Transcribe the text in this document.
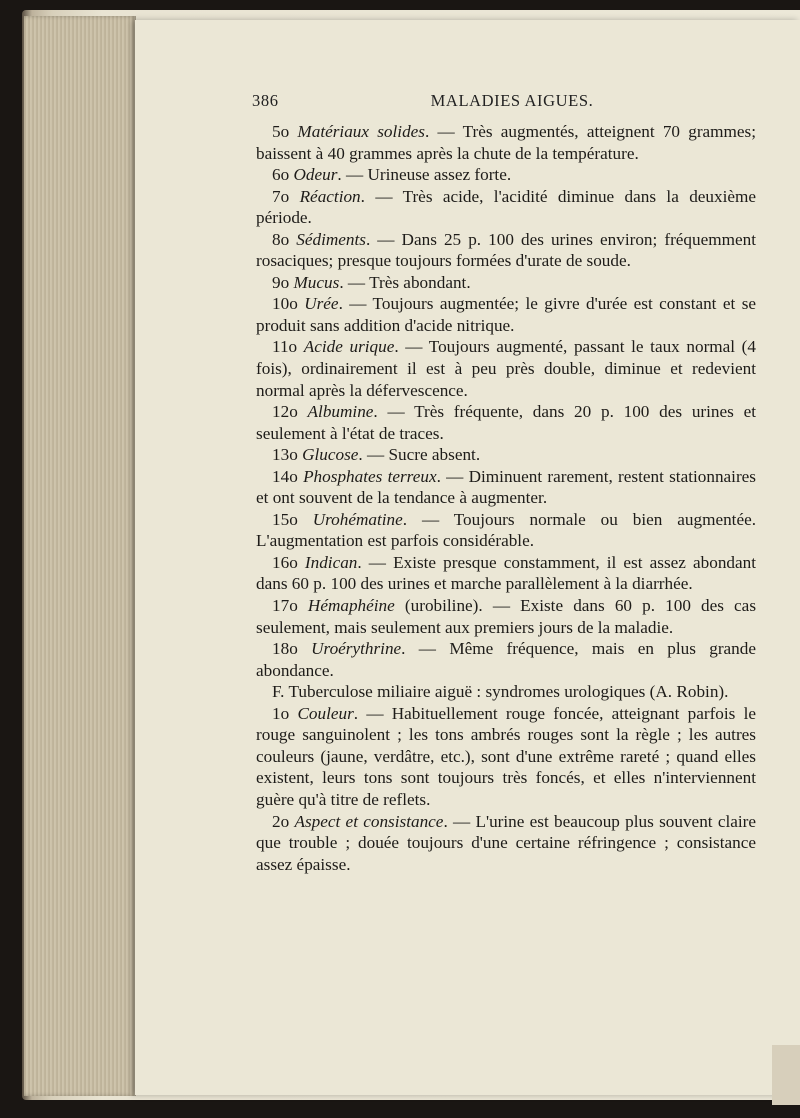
386	MALADIES AIGUES.

5o Matériaux solides. — Très augmentés, atteignent 70 grammes; baissent à 40 grammes après la chute de la température.

6o Odeur. — Urineuse assez forte.

7o Réaction. — Très acide, l'acidité diminue dans la deuxième période.

8o Sédiments. — Dans 25 p. 100 des urines environ; fréquemment rosaciques; presque toujours formées d'urate de soude.

9o Mucus. — Très abondant.

10o Urée. — Toujours augmentée; le givre d'urée est constant et se produit sans addition d'acide nitrique.

11o Acide urique. — Toujours augmenté, passant le taux normal (4 fois), ordinairement il est à peu près double, diminue et redevient normal après la défervescence.

12o Albumine. — Très fréquente, dans 20 p. 100 des urines et seulement à l'état de traces.

13o Glucose. — Sucre absent.

14o Phosphates terreux. — Diminuent rarement, restent stationnaires et ont souvent de la tendance à augmenter.

15o Urohématine. — Toujours normale ou bien augmentée. L'augmentation est parfois considérable.

16o Indican. — Existe presque constamment, il est assez abondant dans 60 p. 100 des urines et marche parallèlement à la diarrhée.

17o Hémaphéine (urobiline). — Existe dans 60 p. 100 des cas seulement, mais seulement aux premiers jours de la maladie.

18o Uroérythrine. — Même fréquence, mais en plus grande abondance.

F. Tuberculose miliaire aiguë : syndromes urologiques (A. Robin).

1o Couleur. — Habituellement rouge foncée, atteignant parfois le rouge sanguinolent ; les tons ambrés rouges sont la règle ; les autres couleurs (jaune, verdâtre, etc.), sont d'une extrême rareté ; quand elles existent, leurs tons sont toujours très foncés, et elles n'interviennent guère qu'à titre de reflets.

2o Aspect et consistance. — L'urine est beaucoup plus souvent claire que trouble ; douée toujours d'une certaine réfringence ; consistance assez épaisse.
